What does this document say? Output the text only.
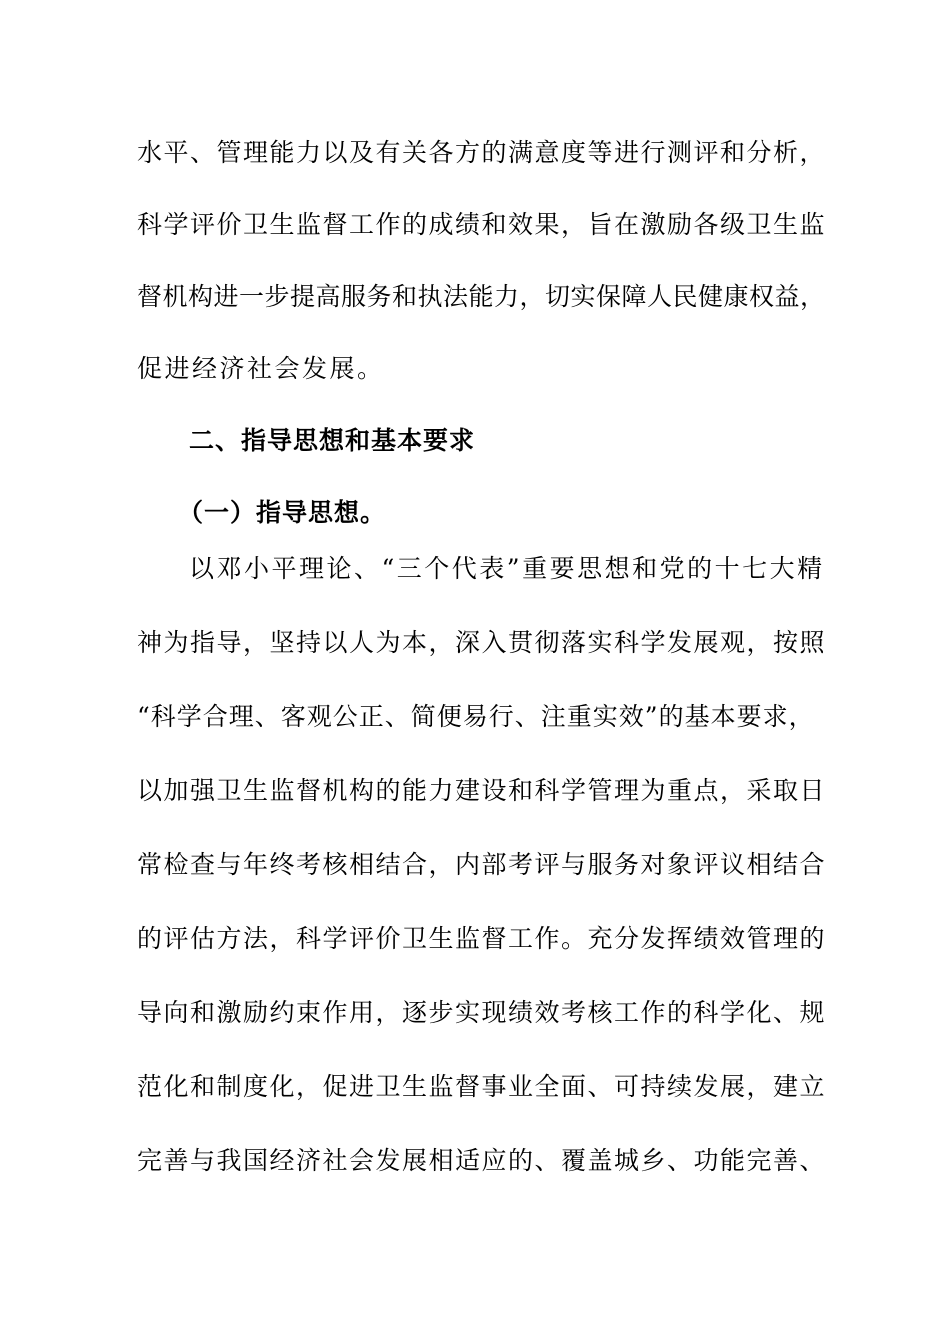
水平、管理能力以及有关各方的满意度等进行测评和分析，
科学评价卫生监督工作的成绩和效果，旨在激励各级卫生监
督机构进一步提高服务和执法能力，切实保障人民健康权益，
促进经济社会发展。
二、指导思想和基本要求
（一）指导思想。
以邓小平理论、“三个代表”重要思想和党的十七大精
神为指导，坚持以人为本，深入贯彻落实科学发展观，按照
“科学合理、客观公正、简便易行、注重实效”的基本要求，
以加强卫生监督机构的能力建设和科学管理为重点，采取日
常检查与年终考核相结合，内部考评与服务对象评议相结合
的评估方法，科学评价卫生监督工作。充分发挥绩效管理的
导向和激励约束作用，逐步实现绩效考核工作的科学化、规
范化和制度化，促进卫生监督事业全面、可持续发展，建立
完善与我国经济社会发展相适应的、覆盖城乡、功能完善、
